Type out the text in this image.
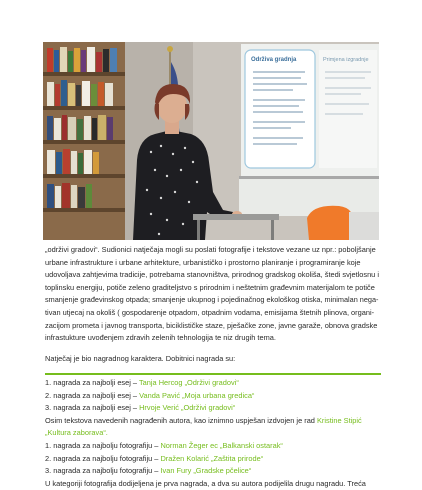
Održiva gradnja	Primjena izgradnje
„održivi gradovi“. Sudionici natječaja mogli su poslati fotografije i tekstove vezane uz npr.: poboljšanje
urbane infrastrukture i urbane arhitekture, urbanističko i prostorno planiranje i programiranje koje
udovoljava zahtjevima tradicije, potrebama stanovništva, prirodnog gradskog okoliša, štedi svjetlosnu i
toplinsku energiju, potiče zeleno graditeljstvo s prirodnim i neštetnim građevnim materijalom te potiče
smanjenje građevinskog otpada; smanjenje ukupnog i pojedinačnog ekološkog otiska, minimalan nega-
tivan utjecaj na okoliš ( gospodarenje otpadom, otpadnim vodama, emisijama štetnih plinova, organi-
zacijom prometa i javnog transporta, biciklističke staze, pješačke zone, javne garaže, obnova gradske
infrastukture uvođenjem zdravih zelenih tehnologija te niz drugih tema.
Natječaj je bio nagradnog karaktera. Dobitnici nagrada su:
1. nagrada za najbolji esej – Tanja Hercog „Održivi gradovi“
2. nagrada za najbolji esej – Vanda Pavić „Moja urbana gredica“
3. nagrada za najbolji esej – Hrvoje Verić „Održivi gradovi“
Osim tekstova navedenih nagrađenih autora, kao iznimno uspješan izdvojen je rad Kristine Stipić
„Kultura zaborava“.
1. nagrada za najbolju fotografiju – Norman Žeger ec „Balkanski ostarak“
2. nagrada za najbolju fotografiju – Dražen Kolarić „Zaštita prirode“
3. nagrada za najbolju fotografiju – Ivan Fury „Gradske pčelice“
U kategoriji fotografija dodijeljena je prva nagrada, a dva su autora podijelila drugu nagradu. Treća
